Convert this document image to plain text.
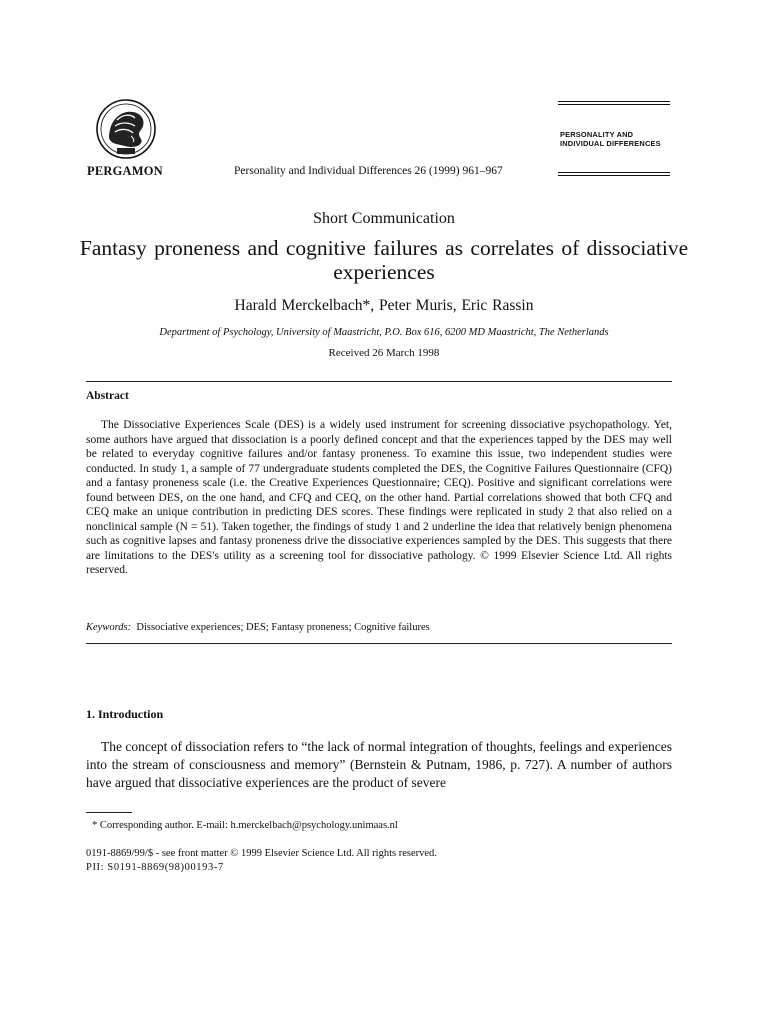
PERGAMON	Personality and Individual Differences 26 (1999) 961–967
PERSONALITY AND
INDIVIDUAL DIFFERENCES
Short Communication
Fantasy proneness and cognitive failures as correlates of dissociative experiences
Harald Merckelbach*, Peter Muris, Eric Rassin
Department of Psychology, University of Maastricht, P.O. Box 616, 6200 MD Maastricht, The Netherlands
Received 26 March 1998
Abstract
The Dissociative Experiences Scale (DES) is a widely used instrument for screening dissociative psychopathology. Yet, some authors have argued that dissociation is a poorly defined concept and that the experiences tapped by the DES may well be related to everyday cognitive failures and/or fantasy proneness. To examine this issue, two independent studies were conducted. In study 1, a sample of 77 undergraduate students completed the DES, the Cognitive Failures Questionnaire (CFQ) and a fantasy proneness scale (i.e. the Creative Experiences Questionnaire; CEQ). Positive and significant correlations were found between DES, on the one hand, and CFQ and CEQ, on the other hand. Partial correlations showed that both CFQ and CEQ make an unique contribution in predicting DES scores. These findings were replicated in study 2 that also relied on a nonclinical sample (N = 51). Taken together, the findings of study 1 and 2 underline the idea that relatively benign phenomena such as cognitive lapses and fantasy proneness drive the dissociative experiences sampled by the DES. This suggests that there are limitations to the DES's utility as a screening tool for dissociative pathology. © 1999 Elsevier Science Ltd. All rights reserved.
Keywords: Dissociative experiences; DES; Fantasy proneness; Cognitive failures
1. Introduction
The concept of dissociation refers to “the lack of normal integration of thoughts, feelings and experiences into the stream of consciousness and memory” (Bernstein & Putnam, 1986, p. 727). A number of authors have argued that dissociative experiences are the product of severe
* Corresponding author. E-mail: h.merckelbach@psychology.unimaas.nl
0191-8869/99/$ - see front matter © 1999 Elsevier Science Ltd. All rights reserved.
PII: S0191-8869(98)00193-7
